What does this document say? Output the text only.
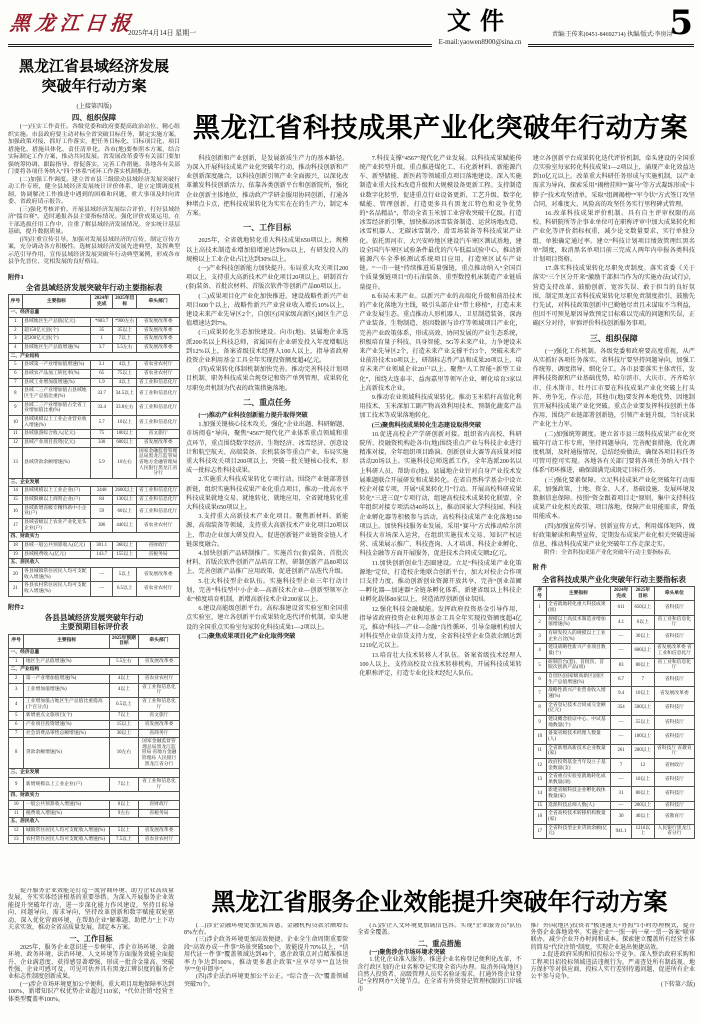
黑龙江日报
2025年4月14日 星期一	文件
E-mail:yaowen8900@sina.cn
责编:王传来(0451-84692714) 执编/版式:李房浔
5
黑龙江省县域经济发展
突破年行动方案
(上接第四版)
四、组织保障

(一)压实工作责任。各级党委和政府要提高政治站位，精心组织实施。市县政府要主动对标全省突破目标任务，制定实施方案，加强政策对接，抓好工作落实，把任务目标化、目标项目化、项目措施化、措施具体化、责任清单化。各市(地)要参照本方案，结合实际制定工作方案，推动共同发展。省发展改革委等有关部门要加强统筹协调、跟踪指导、督促落实，完善工作措施。各地各有关部门要将各项任务纳入“四个体系”闭环工作落实机制推进。

(二)加强工作调度。建立省市县三级联动县域经济发展突破行动工作专班，健全县域经济发展统计评价体系，建立定期调度机制，协调解决工作推进中遇到的困难和问题，重大事项及时向省委、省政府请示报告。

(三)强化考核评价。开展县域经济发展综合评价，打好县域经济“擂台赛”，适时通报各县主要指标情况。强化评价成果运用，在干部选拔任用工作中，注重了解县域经济发展情况。夯实统计基层基础，提升数据质量。

(四)注重宣传引导。加强对发展县域经济的宣传，制定宣传方案，充分调动各方积极性。选树县域经济发展先进典型，发挥典型示范引导作用，宣传县域经济发展突破年行动典型案例，形成各市县争先晋位、竞相发展的良好格局。

附件1
全省县域经济发展突破年行动主要指标表
序号	主要指标	2024年完成	2025年目标	牵头部门
一、经济总量				
1	县域地区生产总值(亿元)	*683.7	*900左右	省发展改革委
2	超150亿元县(个)	35	35以上	省发展改革委
3	超200亿元县(个)	1	7以上	省发展改革委
4	县域地区生产总值增速(%)	3.7	5.5左右	省发展改革委
二、产业结构				
5	县域第一产业增加值增速(%)	3.1	4以上	省农业农村厅
6	县域农产品加工转化率(%)	65	75以上	省农业农村厅
7	县域工业增加值增速(%)	1.9	4以上	省工业和信息化厅
8	县域二三产业增加值占县域地区生产总值比重(%)	33.7	34.5以上	省工业和信息化厅
9	县域二三产业增加值占全省工业增加值比重(%)	33.4	33.8左右	省工业和信息化厅
10	县域规模以上工业企业营业收入增速(%)	5.7	10以上	省工业和信息化厅
11	县域旅游综合收入(亿元)	75	100以上	省文旅厅
12	县域产业项目投资(亿元)	330	600以上	省发展改革委
13	县域贷款余额增速(%)	5.9	10左右	国家金融监督管理总局黑龙江监管局 省地方金融管理局 人民银行黑龙江省分行
三、企业发展				
14	县域规模以上工业企业(户)	2448	2600以上	省工业和信息化厅
15	县域限额以上商贸企业(户)	84	130以上	省工业和信息化厅
16	县域新增省级专精特新中小企业(户)	59	60以上	省工业和信息化厅
17	县域省级以上农业产业化龙头企业(户)	306	440以上	省农业农村厅
四、财政实力				
18	县域一般公共预算收入(亿元)	301.1	360以上	省财政厅
19	县域税费收入(亿元)	143.7	155以上	省税务局
五、居民收入				
20	各县城镇常住居民人均可支配收入增速(%)	—	5以上	省发展改革委
21	各县农村常住居民人均可支配收入增速(%)	—	6.5以上	省农业农村厅
附件2
各县县域经济发展突破年行动
主要预期目标评价表
序号	主要指标	2025年预期目标	牵头部门
一、经济总量			
1	地区生产总值增速(%)	5.5左右	省发展改革委
二、产业结构			
2	第一产业增加值增速(%)	4以上	省农业农村厅
3	工业增加值增速(%)	4以上	省工业和信息化厅
4	工业增加值占地区生产总值比重提高(个百分点)	0.5以上	省工业和信息化厅
5	新增重点文旅项目(个)	7以上	省文旅厅
6	产业项目投资增速(%)	15以上	省发展改革委
7	社会消费品零售总额增速(%)	30以上	省商务厅
8	贷款余额增速(%)	10左右	国家金融监督管理总局黑龙江监管局 省地方金融管理局 人民银行黑龙江省分行
三、企业发展			
9	新增规模以上工业企业(户)	7以上	省工业和信息化厅
四、财政实力			
10	一般公共预算收入增速(%)	8以上	省财政厅
11	税费收入增速(%)	9左右	省税务局
五、居民收入			
12	城镇常住居民人均可支配收入增速(%)	5以上	省发展改革委
13	农村常住居民人均可支配收入增速(%)	7.5以上	省农业农村厅
黑龙江省科技成果产业化突破年行动方案

科技创新和产业创新，是发展新质生产力的基本路径。为深入开展科技成果产业化突破年行动，推动科技创新和产业创新深度融合，以科技创新引领产业全面振兴，以深化改革激发科技创新活力，依靠各类创新平台和创新院所，强化企业创新主体地位，推动政产学研金服用协同创新，打通各种堵点卡点，把科技成果转化为实实在在的生产力，制定本方案。

一、工作目标

2025年，全省就地转化重大科技成果650项以上，规模以上高技术制造业增加值增速达到6%以上，有研发投入的规模以上工业企业占比达到30%以上。

(一)产业科技创新能力加快提升。布局重大攻关项目200项以上，支持重大高新技术产业化项目20项以上，研制首台(套)装备、首批次材料、首版次软件等创新产品80项以上。

(二)成果项目化产业化加快推进。建设战略性新兴产业项目600个以上，战略性新兴产业营业收入增长10%以上，建设未来产业先导区2个，自创区(国家级高新区)园区生产总值增速达到7%。

(三)成果转化生态加快建设。向市(地)、县属地企业选派200名以上科技总师，省属国有企业研发投入年度增幅达到12%以上，备案省级技术经理人100人以上，指导省政府投资企业利用基金工具全年实现投资额度超4亿元。

(四)成果转化体制机制加快完善。推动完善科技计划项目机制、职务科技成果合规登记和资产单列管理、成果转化尽职免责机制为代表的政策措施落地。

二、重点任务

(一)推动产业科技创新能力提升取得突破

1.加强关键核心技术攻关。强化“企业出题、科研解题、市场阅卷”导向，聚焦“4567”现代化产业体系重点领域和重点环节，重点围绕数字经济、生物经济、冰雪经济、创意设计和航空航天、高端装备、农机装备等重点产业，布局实施重大科技攻关项目200项以上，突破一批关键核心技术，形成一批标志性科技成果。

2.实施重大科技成果转化专项行动。围绕产业链部署创新链，组织实施科技成果产业化重点项目，推动一批高水平科技成果就地交易、就地转化、就地应用，全省就地转化重大科技成果650项以上。

3.支持重大高新技术产业化项目。聚焦新材料、新能源、高端装备等领域，支持重大高新技术产业化项目20项以上，带动企业加大研发投入，促进创新链产业链资金链人才链深度融合。

4.加快创新产品研制推广。实施首台(套)装备、首批次材料、首版次软件创新产品培育工程，研制创新产品80项以上，完善创新产品推广应用政策，促进创新产品迭代升级。

5.壮大科技型企业队伍。实施科技型企业三年行动计划，完善“科技型中小企业—高新技术企业—创新型领军企业”梯度培育机制，新增高新技术企业200家以上。

6.建设高能级创新平台。高标准建设省实验室和全国重点实验室，建立各创新平台成果转化迭代评价机制，牵头建设的全国重点实验室每家转化科技成果1—2项以上。

(二)聚焦成果项目化产业化取得突破

7.科技支撑“4567”现代化产业发展。以科技成果赋能传统产业转型升级，重点推进煤化工、石化新材料、新能源汽车、新型储能、新医药等领域重点项目落地建设。深入实施制造业重大技术改造升级和大规模设备更新工程。支持制造业数字化转型，促进重点行业设备更新、工艺升级、数字化赋能、管理创新，打造更多具有黑龙江特色和竞争优势的“名品精品”，带动全省玉米加工业营收突破千亿级。打造冰雪经济新引擎，加快推动冰雪装备制造、运营场地改造、冰雪机器人、无碳冰雪制冷、滑雪场装备等科技成果产业化。依托黑河市、大兴安岭地区建设汽车寒区测试基地，建设全国汽车寒区试验条件最优的汽车低温试验中心，推动新能源汽车全季候测试系统项目应用，打造寒区试车产业链。“一市一链”持续推进质量强链，重点推动纳入“全国百个质量强链项目”的石油装备、重型数控机床制造产业链质量提升。

8.布局未来产业。以新兴产业的高端化升级和前沿技术的产业化落地为主线，吸引头部企业“带土移植”，打造未来产业发展生态。重点推动人形机器人、卫星制造装备、深海产业装备、生物制造、基因数据与诊疗等领域项目产业化，完善产业政策体系，形成高效、协同发展的产业生态系统，积极培育量子科技、具身智能、5G等未来产业。力争建设未来产业先导区2个，打造未来产业支撑平台3个，突破未来产业前沿技术10项以上，研制标志性产品和成果20项以上，培育未来产业领域企业20户以上。聚焦“人工智能+新型工业化”，围绕大连泰丰、益海嘉里等领军企业，孵化培育3家以上高新技术企业。

9.推动农业领域科技成果转化。推动玉米秸秆高值化利用技术、玉米深加工副产物高效利用技术、预制化蔬菜产品加工技术等成果落地转化。

(三)聚焦科技成果转化生态建设取得突破

10.促进高校企产学研创新对接。组织省内高校、科研院所、投融资机构赴各市(地)围绕重点产业与科技企业进行精准对接，全年组织项目路演、创新创业大赛等高质量对接活动20场以上。实施科技总师选派工作，全年选派200名以上科研人员，帮助市(地)、县属地企业针对自身产业技术发展难题联合开展研发和成果转化。在省自然科学基金中设立校企对接专项，开展“成果转化月”行动。开展高校科研成果转化“三进三促”专项行动，组建高校技术成果转化联盟，全年组织对接专项活动40场以上，推动国家大学科技园、科技企业孵化器等积极参与活动，高校科技成果产业化落地150项以上。加快科技服务业发展，采用“赛马”方式推动哈尔滨科技大市场深入运营，在组织实施技术交易、知识产权运营、成果展示推广、科技查询、人才培训、科技企业孵化、科技金融等方面开展服务，促进技术合同成交额2亿元。

11.加快创新创业生态圈建设。立足“科技成果产业化策源地”定位，打造校企地联合创新平台，加大对校企合作项目支持力度，推动创新创业资源开放共享，完善“创业苗圃—孵化器—加速器”全链条孵化体系，新建省级以上科技企业孵化载体80家以上，营造浓厚创新创业氛围。

12.强化科技金融赋能。发挥政府投资基金引导作用，指导省政府投资企业利用基金工具全年实现投资额度超4亿元，推动“科技—产业—金融”良性循环，引导金融机构加大对科技型企业信贷支持力度，全省科技型企业贷款余额达到1210亿元以上。

13.培育壮大技术转移人才队伍。备案省级技术经理人100人以上，支持高校设立技术转移机构，开展科技成果转化职称评定，打造专业化技术经纪人队伍。

建立各创新平台成果转化迭代评价机制，牵头建设的全国重点实验室每家转化科技成果1—2项以上，涌现产业化效益达到10亿元以上。改革重大科研任务形成与实施机制，以产业需求为导向，探索采用“揭榜挂帅”“赛马”等方式凝练形成“卡脖子”技术攻坚清单，采取“组阁揭榜”“军令状”方式签订攻坚合同，对难度大、风险高的攻坚任务实行里程碑式管理。

16.改革科技成果评价机制。具有自主评审权限的高校、科研院所等企事业单位可在职称评审中加大成果转化和产业化等评价指标权重，减少论文数量要求，实行单独分组、单独确定通过率。建立“科技计划项目绩效管理红黑名单”制度，取消黑名单项目前三完成人两年内申报各类科技计划项目资格。

17.落实科技成果转化尽职免责制度。落实省委《关于落实“三个区分开来”激励干部担当作为的实施办法(试行)》，营造支持改革、鼓励创新、宽容失误、敢于担当的良好氛围，制定黑龙江省科技成果转化尽职免责制度指引，鼓励先行先试，对科技政策创新中已勤勉尽责且未谋取不当利益，但因不可预见原因导致预定目标难以完成的问题和失误，正确区分对待，审慎评价科技创新服务事项。

三、组织保障

(一)强化工作机制。各级党委和政府要高度重视，从严从实抓好各项任务落实。省科技厅要坚持问题导向，加强工作统筹、调度指导、细化分工。各市县要落实主体责任，发挥科技资源和产业基础优势，哈尔滨市、大庆市、齐齐哈尔市、佳木斯市、牡丹江市要在科技成果产业化突破上打头阵、勇争先、作示范，其他市(地)要发挥本地优势，因地制宜开展科技成果产业化突破。重点企业要发挥科技创新主体作用，围绕产业链部署创新链，引领产业链升级，当好成果产业化主力军。

(二)加强统筹调度。建立省市县三级科技成果产业化突破年行动工作专班，坚持问题导向，完善配套措施，优化调度机制，及时通报情况，总结经验做法，确保各项目标任务可管可控可实现。各地各有关部门要将各项任务纳入“四个体系”闭环推进，确保圆满完成既定目标任务。

(三)强化要素保障。立足科技成果产业化突破年行动需求，加强政策、土地、资金、人才、基础设施、发展环境及数据信息保障。按照“资金跟着项目走”原则，集中支持科技成果产业化相关政策、项目落地，保障产业用能需求，降低用能成本。

(四)加强宣传引导。创新宣传方式，利用媒体矩阵，做好政策解读和典型宣传，定期发布成果产业化相关突破进展信息，推动科技成果产业化突破年工作走深走实。

附件：全省科技成果产业化突破年行动主要指标表。

附 件
全省科技成果产业化突破年行动主要指标表
序号	主要指标	2024年完成	2025年目标	牵头单位
1	全省就地转化重大科技成果(项)	611	650以上	省科技厅
2	规模以上高技术制造业增加值增速(%)	4.1	6以上	省工业和信息化厅
3	有研发投入的规模以上工业企业占比(%)	—	30以上	省科技厅
4	建设战略性新兴产业项目数量(个)	—	600以上	省发展改革委 省工业和信息化厅
5	研制首台(套)、首批次、首版次创新产品(项)	83	80以上	省工业和信息化厅
6	自创区(国家级高新区)园区生产总值增速(%)	6.7	7	省科技厅
7	战略性新兴产业营业收入增速(%)	9.4	10以上	省发展改革委
8	全省登记技术合同成交金额(亿元)	354	500以上	省科技厅
9	建设概念验证中心、中试基地数量(个)	—	55以上	省科技厅
10	备案省级技术经理人数量(人)	—	100以上	省科技厅
11	全省新增高新技术企业数量(家)	261	200以上	省科技厅 省教育厅
12	政府投资基金当年设立子基金数量(支)	7	12	省财政厅
13	全省重点实验室就地转化成果数量(项)	—	10以上	省科技厅
14	新建省级科技企业孵化载体数量(家)	31	80以上	省科技厅
15	选派科技总师人数(人)	—	200以上	省科技厅
16	全省高校技术转移机构数量(家)	30	40以上	省教育厅
17	全省科技型企业贷款余额(亿元)	941.1	1210以上	人民银行黑龙江省分行

提升服务企业效能是打造一流营商环境、助力企业高质量发展、夯实实体经济根基的重要举措。为深入开展服务企业效能提升突破年行动，进一步深化能力作风建设，坚持目标导向、问题导向、需求导向，坚持改革创新和数字赋能双轮驱动，深入优化营商环境，在帮助企业“解难题、助把力”上下功夫求实效，推动全省高质量发展，制定本方案。

一、工作目标

2025年，服务企业意识进一步树牢，涉企市场环境、金融环境、政务环境、法治环境、人文环境等方面服务效能全面提升，企业满意度、获得感显著增强，形成一批含金量高、突破性强、企业可感可及、可见可估并具有黑龙江辨识度的服务企业标志性制度创新成果。

(一)涉企市场环境更加公平便利。重大项目用地保障率达到100%，新增知识产权优势企业超过110家，“代位注销”经营主体类型覆盖率100%。

黑龙江省服务企业效能提升突破年行动方案

(二)涉企金融环境更加优质普惠。金融机构贷款余额增长8%左右。

(三)涉企政务环境更加高效便捷。企业全生命周期重要阶段“高效办成一件事”场景突破500个，效能提升70%以上，“信用代证一件事”覆盖领域达到49个，惠企政策点对点精准推送率力争达到100%，推动更多惠企政策“应享尽享”“直达快享”“免申即享”。

(四)涉企法治环境更加公平公正。“综合查一次”覆盖领域突破70个。

(五)涉企人文环境更加诚信包容。实现“企业服务员”队伍全省全覆盖。

二、重点措施

(一)聚焦涉企市场环境求突破

1.优化企业准入服务。推进企业名称登记便利化改革，不含行政区划的企业名称登记实现全省内办理。取消外国(地区)自然人投资者、高级管理人员实名验证需求，打通外资企业登记“全程网办”关键节点。在全省有外资登记管理权限的口岸城市

推广外国(地区)投资者“极速通关+办照”1小时办理模式，提升外资企业落地效率。实施企业“一照一码一章一票一备案”联审联办，减少企业开办时间和成本。探索建立覆盖所有经营主体的简易“代位注销”制度，实现企业退出便捷高效。

2.促进政府采购和招投标公平竞争。深入整治政府采购和工程项目招投标领域违法违规行为，严肃查处所有制歧视、地方保护等对供应商、投标人实行差别待遇问题，促进所有企业公平参与竞争。

(下转第六版)
